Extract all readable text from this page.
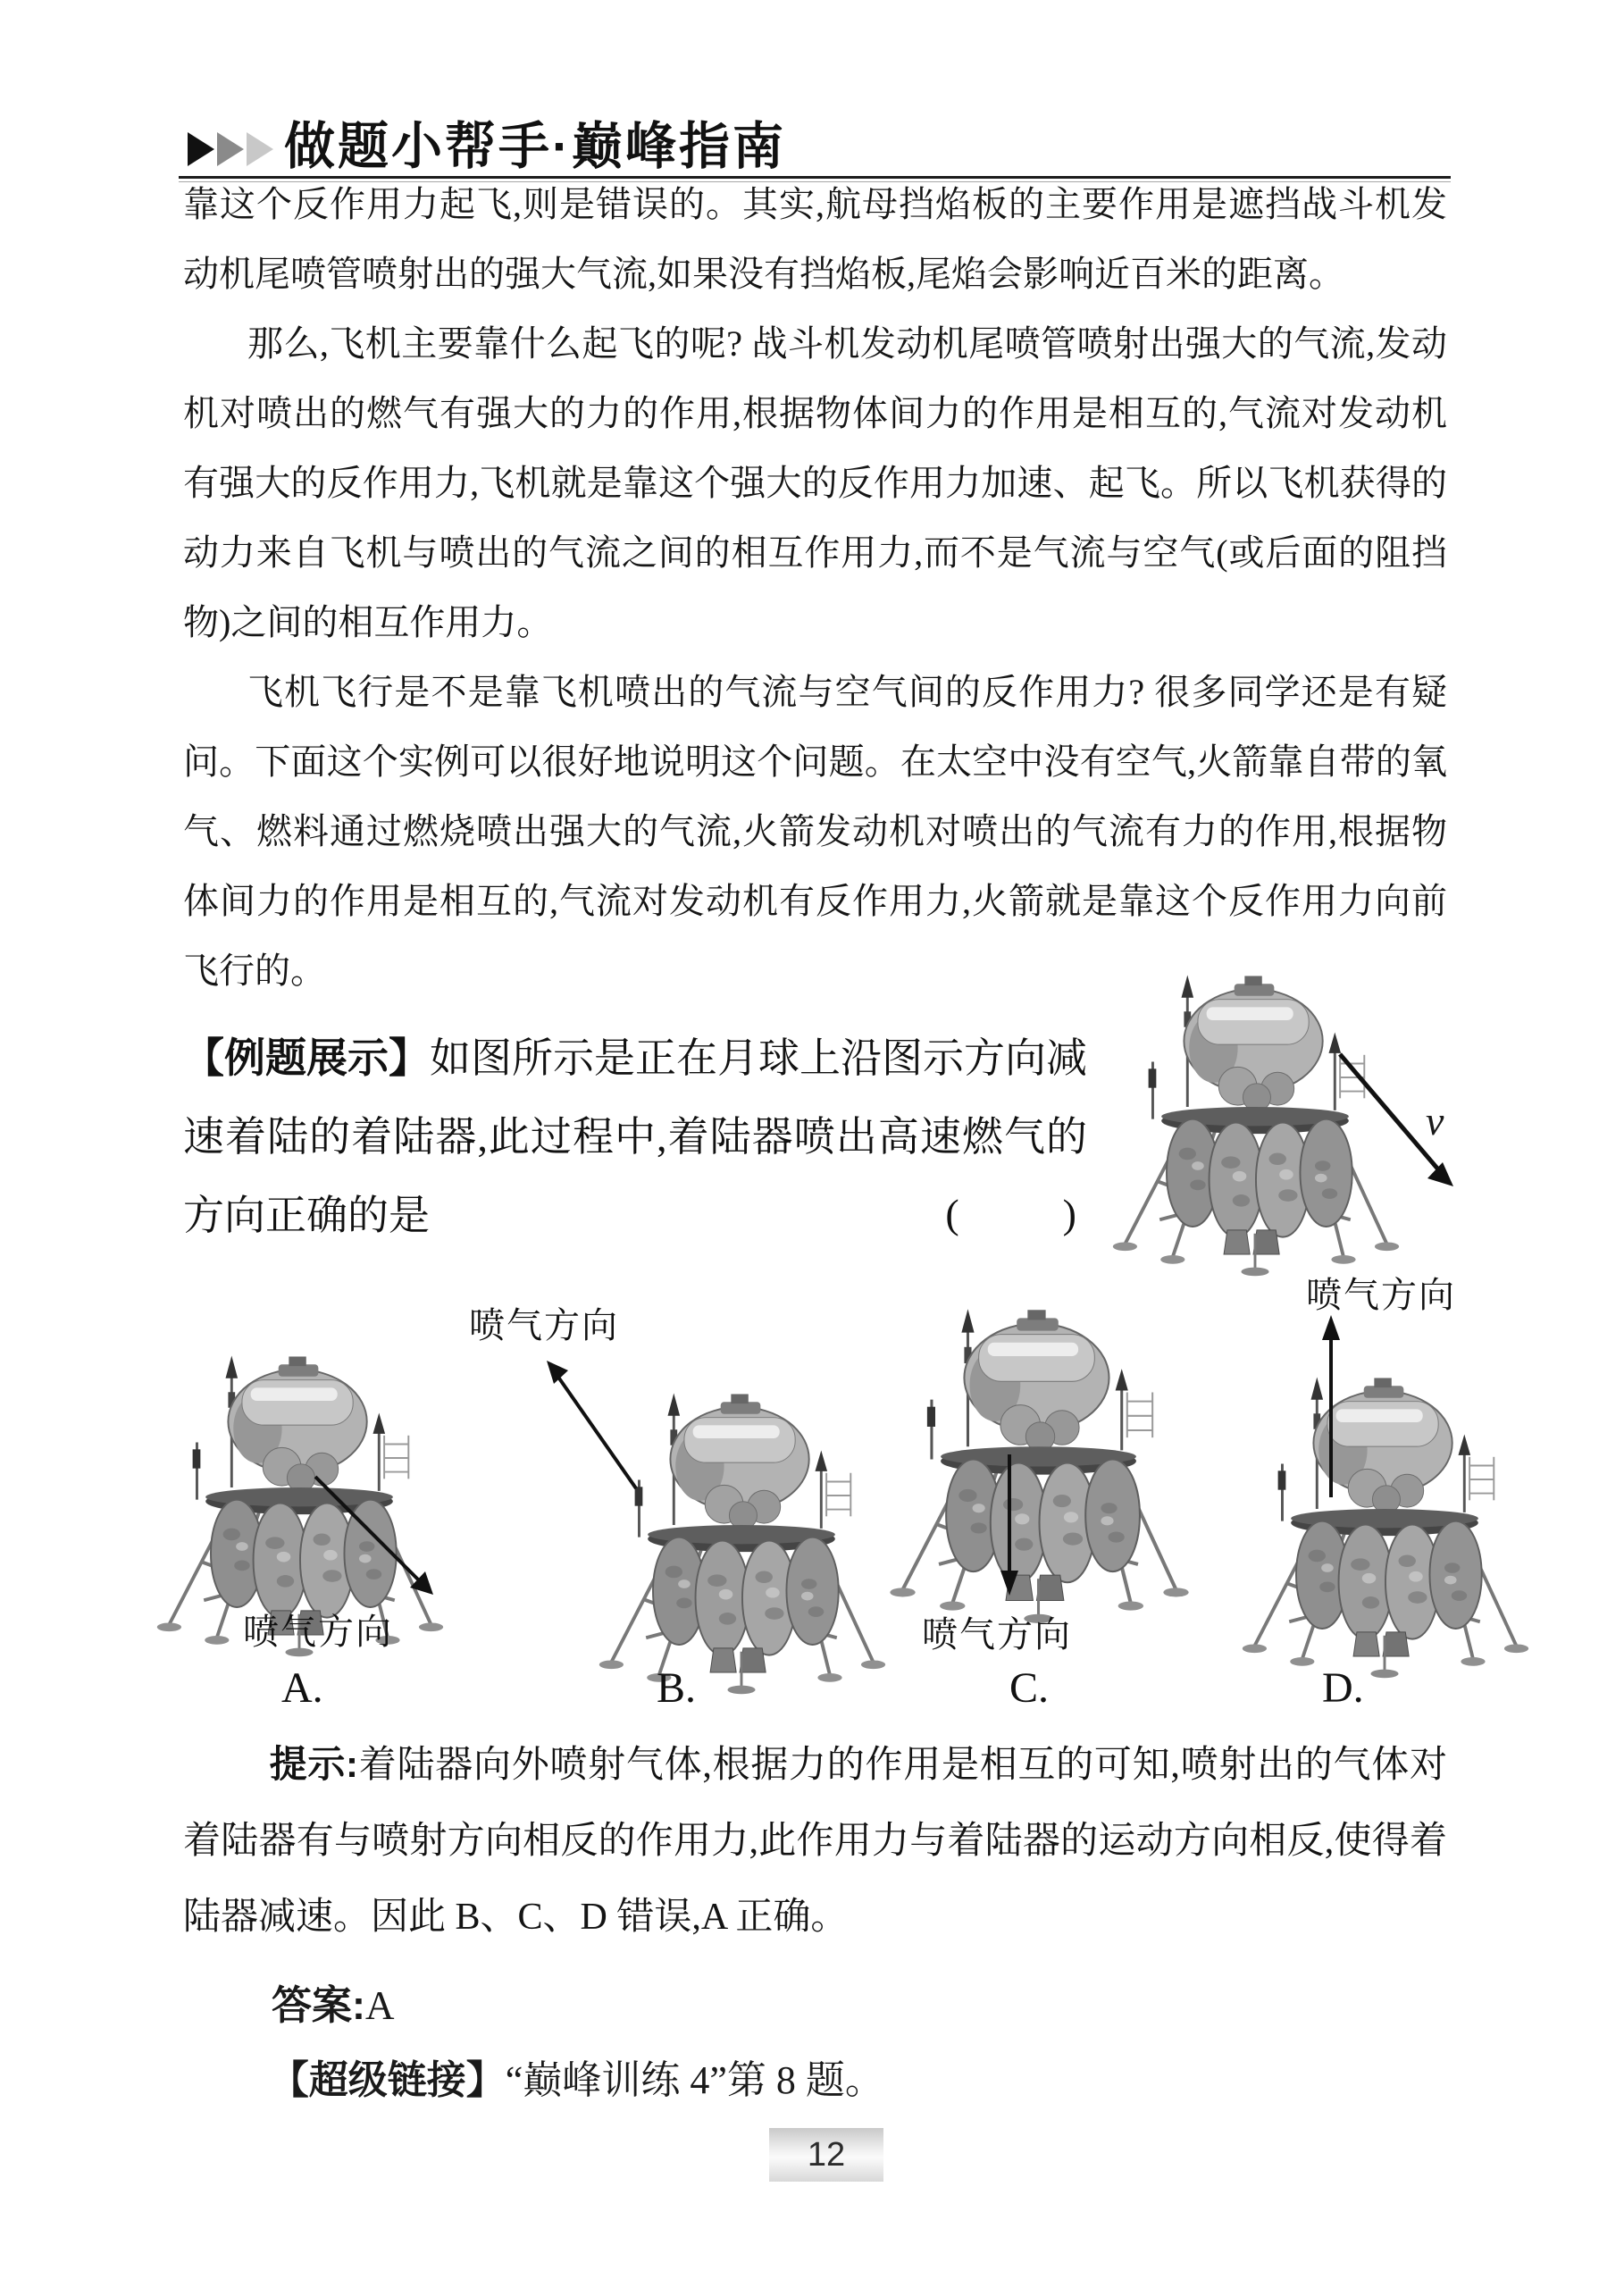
做题小帮手·巅峰指南

靠这个反作用力起飞,则是错误的。其实,航母挡焰板的主要作用是遮挡战斗机发动机尾喷管喷射出的强大气流,如果没有挡焰板,尾焰会影响近百米的距离。

那么,飞机主要靠什么起飞的呢? 战斗机发动机尾喷管喷射出强大的气流,发动机对喷出的燃气有强大的力的作用,根据物体间力的作用是相互的,气流对发动机有强大的反作用力,飞机就是靠这个强大的反作用力加速、起飞。所以飞机获得的动力来自飞机与喷出的气流之间的相互作用力,而不是气流与空气(或后面的阻挡物)之间的相互作用力。

飞机飞行是不是靠飞机喷出的气流与空气间的反作用力? 很多同学还是有疑问。下面这个实例可以很好地说明这个问题。在太空中没有空气,火箭靠自带的氧气、燃料通过燃烧喷出强大的气流,火箭发动机对喷出的气流有力的作用,根据物体间力的作用是相互的,气流对发动机有反作用力,火箭就是靠这个反作用力向前飞行的。

【例题展示】如图所示是正在月球上沿图示方向减速着陆的着陆器,此过程中,着陆器喷出高速燃气的方向正确的是	(　　)
v
喷气方向
A.
喷气方向
B.
喷气方向
C.
喷气方向
D.
提示:着陆器向外喷射气体,根据力的作用是相互的可知,喷射出的气体对着陆器有与喷射方向相反的作用力,此作用力与着陆器的运动方向相反,使得着陆器减速。因此 B、C、D 错误,A 正确。
答案:A
【超级链接】“巅峰训练 4”第 8 题。
12
